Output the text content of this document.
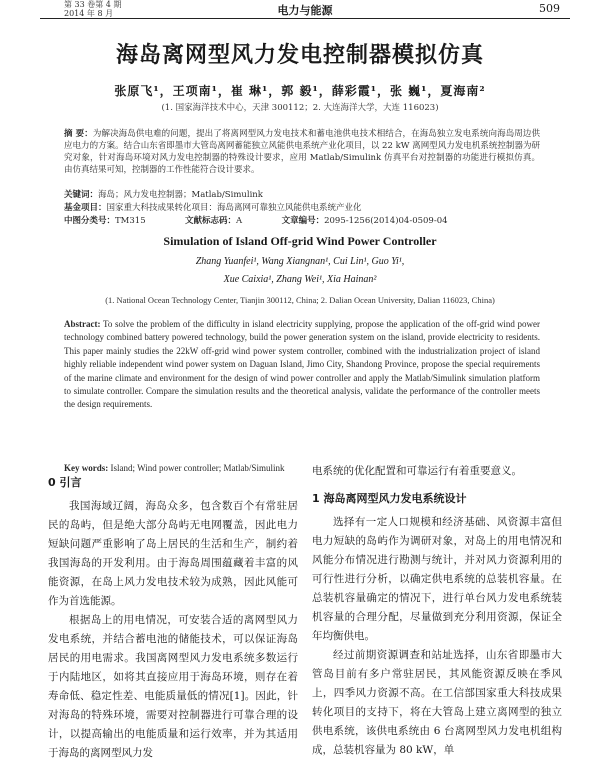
第 33 卷第 4 期
2014 年 8 月	电力与能源	509
海岛离网型风力发电控制器模拟仿真
张原飞¹，王项南¹，崔 琳¹，郭 毅¹，薛彩霞¹，张 巍¹，夏海南²
(1. 国家海洋技术中心，天津 300112；2. 大连海洋大学，大连 116023)
摘 要：为解决海岛供电难的问题，提出了将离网型风力发电技术和蓄电池供电技术相结合，在海岛独立发电系统向海岛周边供应电力的方案。结合山东省即墨市大管岛离网蓄能独立风能供电系统产业化项目，以 22 kW 离网型风力发电机系统控制器为研究对象，针对海岛环境对风力发电控制器的特殊设计要求，应用 Matlab/Simulink 仿真平台对控制器的功能进行模拟仿真。由仿真结果可知，控制器的工作性能符合设计要求。
关键词：海岛；风力发电控制器；Matlab/Simulink
基金项目：国家重大科技成果转化项目：海岛离网可靠独立风能供电系统产业化
中图分类号：TM315	文献标志码：A	文章编号：2095-1256(2014)04-0509-04
Simulation of Island Off-grid Wind Power Controller
Zhang Yuanfei¹, Wang Xiangnan¹, Cui Lin¹, Guo Yi¹,
Xue Caixia¹, Zhang Wei¹, Xia Hainan²
(1. National Ocean Technology Center, Tianjin 300112, China; 2. Dalian Ocean University, Dalian 116023, China)
Abstract: To solve the problem of the difficulty in island electricity supplying, propose the application of the off-grid wind power technology combined battery powered technology, build the power generation system on the island, provide electricity to residents. This paper mainly studies the 22kW off-grid wind power system controller, combined with the industrialization project of island highly reliable independent wind power system on Daguan Island, Jimo City, Shandong Province, propose the special requirements of the marine climate and environment for the design of wind power controller and apply the Matlab/Simulink simulation platform to simulate controller. Compare the simulation results and the theoretical analysis, validate the performance of the controller meets the design requirements.
Key words: Island; Wind power controller; Matlab/Simulink
0 引言

我国海域辽阔，海岛众多，包含数百个有常驻居民的岛屿，但是绝大部分岛屿无电网覆盖，因此电力短缺问题严重影响了岛上居民的生活和生产，制约着我国海岛的开发利用。由于海岛周围蕴藏着丰富的风能资源，在岛上风力发电技术较为成熟，因此风能可作为首选能源。

根据岛上的用电情况，可安装合适的离网型风力发电系统，并结合蓄电池的储能技术，可以保证海岛居民的用电需求。我国离网型风力发电系统多数运行于内陆地区，如将其直接应用于海岛环境，则存在着寿命低、稳定性差、电能质量低的情况[1]。因此，针对海岛的特殊环境，需要对控制器进行可靠合理的设计，以提高输出的电能质量和运行效率，并为其适用于海岛的离网型风力发

电系统的优化配置和可靠运行有着重要意义。
1 海岛离网型风力发电系统设计

选择有一定人口规模和经济基础、风资源丰富但电力短缺的岛屿作为调研对象，对岛上的用电情况和风能分布情况进行勘测与统计，并对风力资源利用的可行性进行分析，以确定供电系统的总装机容量。在总装机容量确定的情况下，进行单台风力发电系统装机容量的合理分配，尽量做到充分利用资源，保证全年均衡供电。

经过前期资源调查和站址选择，山东省即墨市大管岛目前有多户常驻居民，其风能资源反映在季风上，四季风力资源不高。在工信部国家重大科技成果转化项目的支持下，将在大管岛上建立离网型的独立供电系统，该供电系统由 6 台离网型风力发电机组构成，总装机容量为 80 kW，单
